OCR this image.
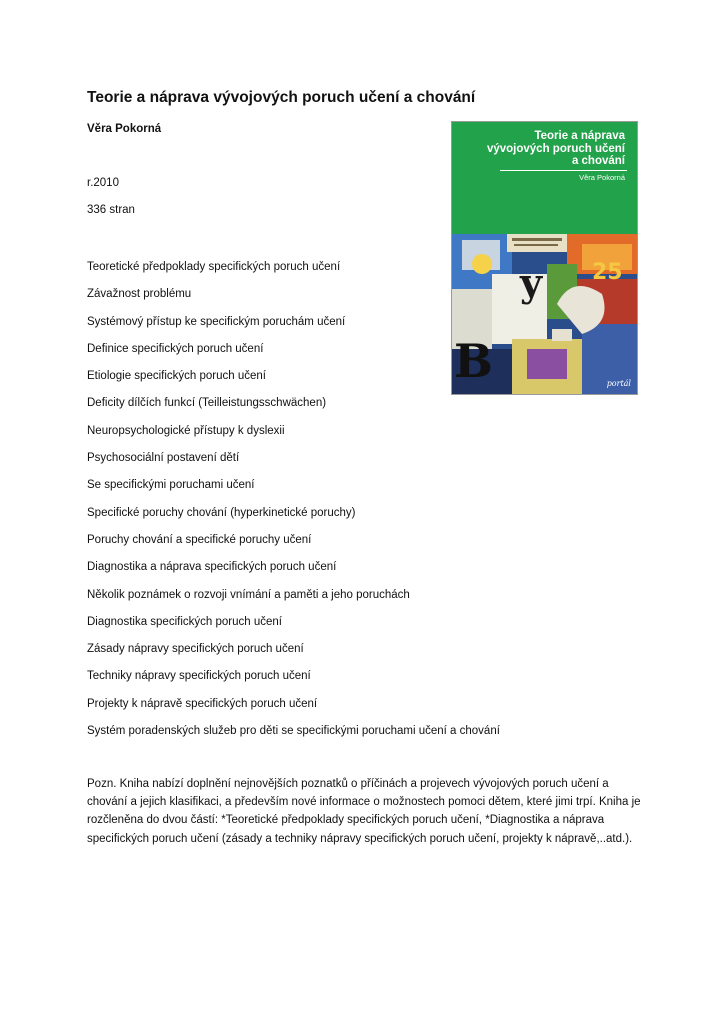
Teorie a náprava vývojových poruch učení a chování
Věra Pokorná
r.2010
336 stran
Teoretické předpoklady specifických poruch učení
Závažnost problému
Systémový přístup ke specifickým poruchám učení
Definice specifických poruch učení
Etiologie specifických poruch učení
Deficity dílčích funkcí (Teilleistungsschwächen)
Neuropsychologické přístupy k dyslexii
Psychosociální postavení dětí
Se specifickými poruchami učení
Specifické poruchy chování (hyperkinetické poruchy)
Poruchy chování a specifické poruchy učení
Diagnostika a náprava specifických poruch učení
Několik poznámek o rozvoji vnímání a paměti a jeho poruchách
Diagnostika specifických poruch učení
Zásady nápravy specifických poruch učení
Techniky nápravy specifických poruch učení
Projekty k nápravě specifických poruch učení
Systém poradenských služeb pro děti se specifickými poruchami učení a chování

Pozn. Kniha nabízí doplnění nejnovějších poznatků o příčinách a projevech vývojových poruch učení a chování a jejich klasifikaci, a především nové informace o možnostech pomoci dětem, které jimi trpí. Kniha je rozčleněna do dvou částí: *Teoretické předpoklady specifických poruch učení, *Diagnostika a náprava specifických poruch učení (zásady a techniky nápravy specifických poruch učení, projekty k nápravě,..atd.).

Teorie a náprava
vývojových poruch učení
a chování
Věra Pokorná
y 25
B	portál
